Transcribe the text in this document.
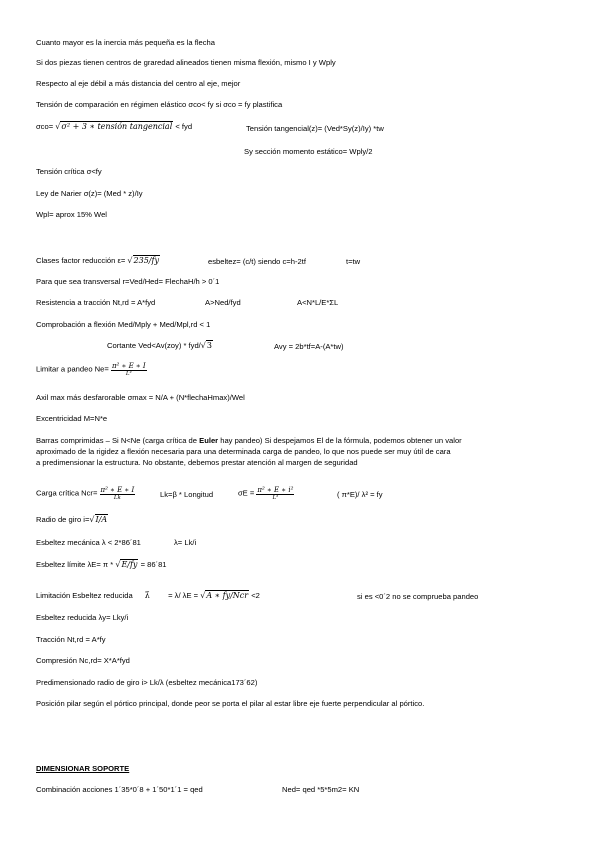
Cuanto mayor es la inercia más pequeña es la flecha
Si dos piezas tienen centros de graredad alineados tienen misma flexión, mismo I y Wply
Respecto al eje débil a más distancia del centro al eje, mejor
Tensión de comparación en régimen elástico σco< fy si σco = fy plastifica
σco= √σ² + 3 ∗ tensión tangencial < fyd	Tensión tangencial(z)= (Ved*Sy(z)/Iy) *tw
Sy sección momento estático= Wply/2
Tensión crítica σ<fy
Ley de Narier σ(z)= (Med * z)/Iy
Wpl= aprox 15% Wel
Clases factor reducción ε= √235/fy	esbeltez= (c/t) siendo c=h-2tf	t=tw
Para que sea transversal r=Ved/Hed= FlechaH/h > 0´1
Resistencia a tracción Nt,rd = A*fyd	A>Ned/fyd	A<N*L/E*ΣL
Comprobación a flexión Med/Mply + Med/Mpl,rd < 1
Cortante Ved<Av(zoy) * fyd/√3	Avy = 2b*tf=A-(A*tw)
Limitar a pandeo $Ne= \frac{\text{π² ∗ E ∗ I}}{\text{L²}}$
Axil max más desfarorable σmax = N/A + (N*flechaHmax)/Wel
Excentricidad M=N*e
Barras comprimidas – Si N<Ne (carga crítica de Euler hay pandeo) Si despejamos El de la fórmula, podemos obtener un valor
aproximado de la rigidez a flexión necesaria para una determinada carga de pandeo, lo que nos puede ser muy útil de cara
a predimensionar la estructura. No obstante, debemos prestar atención al margen de seguridad
Carga crítica $Ncr= \frac{\text{π² ∗ E ∗ I}}{Lk}$	Lk=β * Longitud	$\sigma E = \frac{\text{π² ∗ E ∗ i²}}{\text{L²}}$	( π*E)/ λ² = fy
Radio de giro i=√I/A
Esbeltez mecánica λ < 2*86´81	λ= Lk/i
Esbeltez límite λE= π * √E/fy = 86´81
Limitación Esbeltez reducida λ̄  = λ/ λE = √A ∗ fy/Ncr <2	si es <0´2 no se comprueba pandeo
Esbeltez reducida λy= Lky/i
Tracción Nt,rd = A*fy
Compresión Nc,rd= X*A*fyd
Predimensionado radio de giro i> Lk/λ (esbeltez mecánica173´62)
Posición pilar según el pórtico principal, donde peor se porta el pilar al estar libre eje fuerte perpendicular al pórtico.
DIMENSIONAR SOPORTE
Combinación acciones 1´35*0´8 + 1´50*1´1 = qed	Ned= qed *5*5m2= KN
